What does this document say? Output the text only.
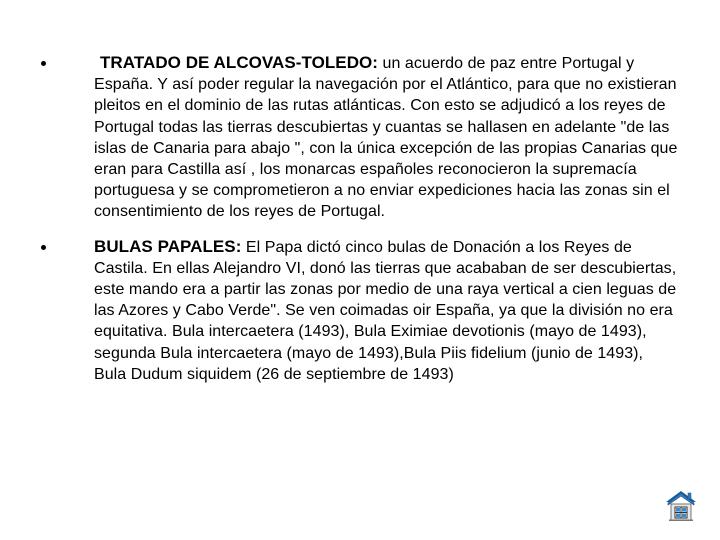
TRATADO DE ALCOVAS-TOLEDO: un acuerdo de paz entre Portugal y España. Y así poder regular la navegación por el Atlántico, para que no existieran pleitos en el dominio de las rutas atlánticas. Con esto se adjudicó a los reyes de Portugal todas las tierras descubiertas y cuantas se hallasen en adelante "de las islas de Canaria para abajo ", con la única excepción de las propias Canarias que eran para Castilla así , los monarcas españoles reconocieron la supremacía portuguesa y se comprometieron a no enviar expediciones hacia las zonas sin el consentimiento de los reyes de Portugal.
BULAS PAPALES: El Papa dictó cinco bulas de Donación a los Reyes de Castila. En ellas Alejandro VI, donó las tierras que acababan de ser descubiertas, este mando era a partir las zonas por medio de una raya vertical a cien leguas de las Azores y Cabo Verde". Se ven coimadas oir España, ya que la división no era equitativa. Bula intercaetera (1493), Bula Eximiae devotionis (mayo de 1493), segunda Bula intercaetera (mayo de 1493),Bula Piis fidelium (junio de 1493), Bula Dudum siquidem (26 de septiembre de 1493)
